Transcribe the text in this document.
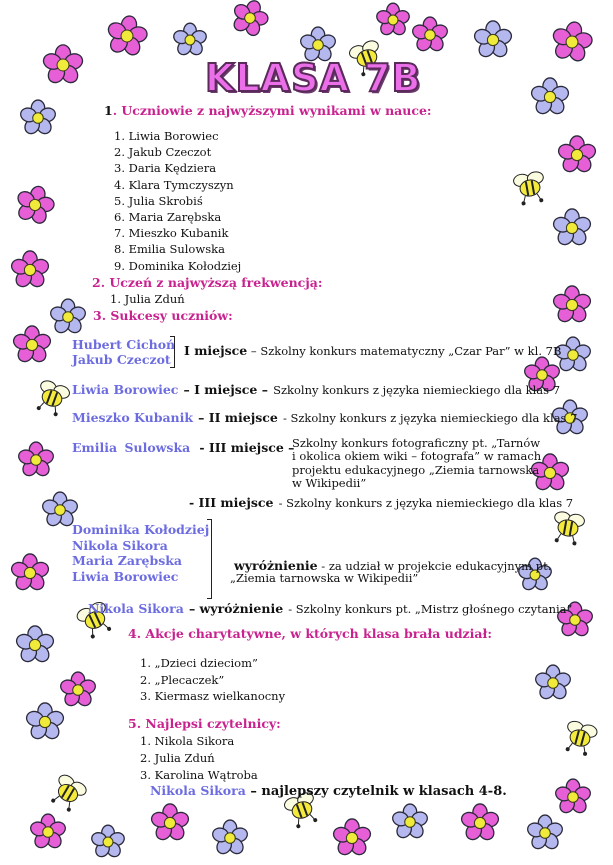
KLASA 7B
1. Uczniowie z najwyższymi wynikami w nauce:
1. Liwia Borowiec
2. Jakub Czeczot
3. Daria Kędziera
4. Klara Tymczyszyn
5. Julia Skrobiś
6. Maria Zarębska
7. Mieszko Kubanik
8. Emilia Sulowska
9. Dominika Kołodziej
2. Uczeń z najwyższą frekwencją:
1. Julia Zduń
3. Sukcesy uczniów:
Hubert Cichoń
Jakub Czeczot
I miejsce – Szkolny konkurs matematyczny „Czar Par” w kl. 7B
Liwia Borowiec – I miejsce – Szkolny konkurs z języka niemieckiego dla klas 7
Mieszko Kubanik – II miejsce - Szkolny konkurs z języka niemieckiego dla klas 7
Emilia Sulowska - III miejsce –
Szkolny konkurs fotograficzny pt. „Tarnów
i okolica okiem wiki – fotografa” w ramach
projektu edukacyjnego „Ziemia tarnowska
w Wikipedii”
- III miejsce - Szkolny konkurs z języka niemieckiego dla klas 7
Dominika Kołodziej
Nikola Sikora
Maria Zarębska
Liwia Borowiec
wyróżnienie - za udział w projekcie edukacyjnym pt.
„Ziemia tarnowska w Wikipedii”
Nikola Sikora – wyróżnienie - Szkolny konkurs pt. „Mistrz głośnego czytania”
4. Akcje charytatywne, w których klasa brała udział:
1. „Dzieci dzieciom”
2. „Plecaczek”
3. Kiermasz wielkanocny
5. Najlepsi czytelnicy:
1. Nikola Sikora
2. Julia Zduń
3. Karolina Wątroba
Nikola Sikora – najlepszy czytelnik w klasach 4-8.
